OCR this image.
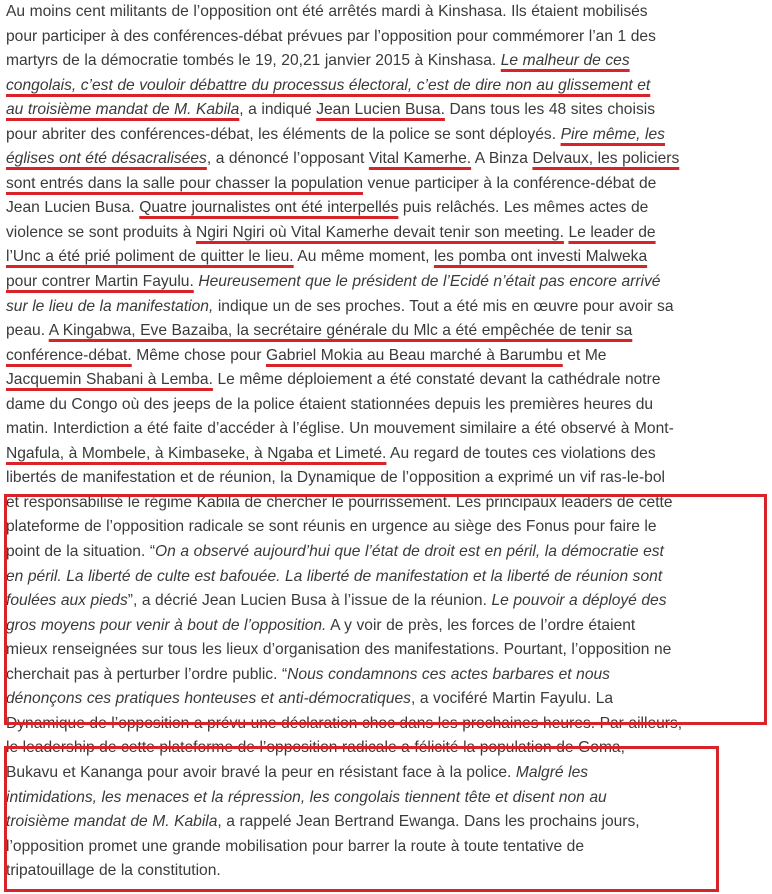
Au moins cent militants de l’opposition ont été arrêtés mardi à Kinshasa. Ils étaient mobilisés
pour participer à des conférences-débat prévues par l’opposition pour commémorer l’an 1 des
martyrs de la démocratie tombés le 19, 20,21 janvier 2015 à Kinshasa. Le malheur de ces
congolais, c’est de vouloir débattre du processus électoral, c’est de dire non au glissement et
au troisième mandat de M. Kabila, a indiqué Jean Lucien Busa. Dans tous les 48 sites choisis
pour abriter des conférences-débat, les éléments de la police se sont déployés. Pire même, les
églises ont été désacralisées, a dénoncé l’opposant Vital Kamerhe. A Binza Delvaux, les policiers
sont entrés dans la salle pour chasser la population venue participer à la conférence-débat de
Jean Lucien Busa. Quatre journalistes ont été interpellés puis relâchés. Les mêmes actes de
violence se sont produits à Ngiri Ngiri où Vital Kamerhe devait tenir son meeting. Le leader de
l’Unc a été prié poliment de quitter le lieu. Au même moment, les pomba ont investi Malweka
pour contrer Martin Fayulu. Heureusement que le président de l’Ecidé n’était pas encore arrivé
sur le lieu de la manifestation, indique un de ses proches. Tout a été mis en œuvre pour avoir sa
peau. A Kingabwa, Eve Bazaiba, la secrétaire générale du Mlc a été empêchée de tenir sa
conférence-débat. Même chose pour Gabriel Mokia au Beau marché à Barumbu et Me
Jacquemin Shabani à Lemba. Le même déploiement a été constaté devant la cathédrale notre
dame du Congo où des jeeps de la police étaient stationnées depuis les premières heures du
matin. Interdiction a été faite d’accéder à l’église. Un mouvement similaire a été observé à Mont-
Ngafula, à Mombele, à Kimbaseke, à Ngaba et Limeté. Au regard de toutes ces violations des
libertés de manifestation et de réunion, la Dynamique de l’opposition a exprimé un vif ras-le-bol
et responsabilisé le régime Kabila de chercher le pourrissement. Les principaux leaders de cette
plateforme de l’opposition radicale se sont réunis en urgence au siège des Fonus pour faire le
point de la situation. “On a observé aujourd’hui que l’état de droit est en péril, la démocratie est
en péril. La liberté de culte est bafouée. La liberté de manifestation et la liberté de réunion sont
foulées aux pieds”, a décrié Jean Lucien Busa à l’issue de la réunion. Le pouvoir a déployé des
gros moyens pour venir à bout de l’opposition. A y voir de près, les forces de l’ordre étaient
mieux renseignées sur tous les lieux d’organisation des manifestations. Pourtant, l’opposition ne
cherchait pas à perturber l’ordre public. “Nous condamnons ces actes barbares et nous
dénonçons ces pratiques honteuses et anti-démocratiques, a vociféré Martin Fayulu. La
Dynamique de l’opposition a prévu une déclaration choc dans les prochaines heures. Par ailleurs,
le leadership de cette plateforme de l’opposition radicale a félicité la population de Goma,
Bukavu et Kananga pour avoir bravé la peur en résistant face à la police. Malgré les
intimidations, les menaces et la répression, les congolais tiennent tête et disent non au
troisième mandat de M. Kabila, a rappelé Jean Bertrand Ewanga. Dans les prochains jours,
l’opposition promet une grande mobilisation pour barrer la route à toute tentative de
tripatouillage de la constitution.
